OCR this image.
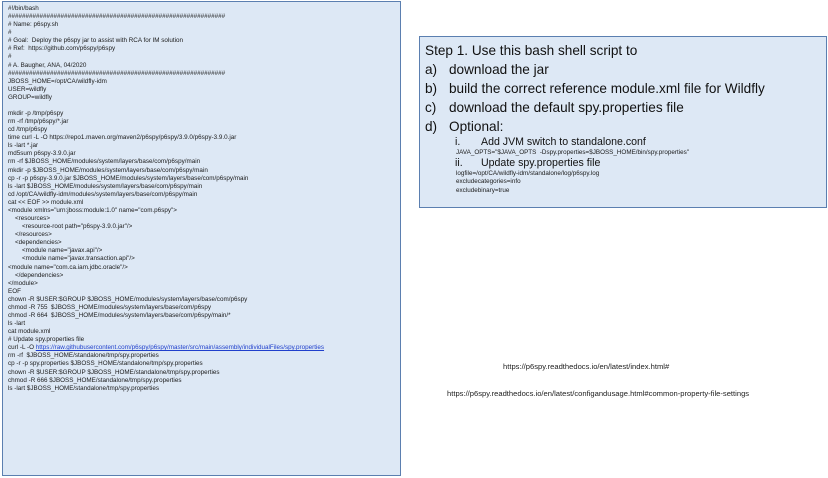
#!/bin/bash
##############################################################
# Name: p6spy.sh
#
# Goal:  Deploy the p6spy jar to assist with RCA for IM solution
# Ref:  https://github.com/p6spy/p6spy
#
# A. Baugher, ANA, 04/2020
##############################################################
JBOSS_HOME=/opt/CA/wildfly-idm
USER=wildfly
GROUP=wildfly
mkdir -p /tmp/p6spy
rm -rf /tmp/p6spy/*.jar
cd /tmp/p6spy
time curl -L -O https://repo1.maven.org/maven2/p6spy/p6spy/3.9.0/p6spy-3.9.0.jar
ls -lart *.jar
md5sum p6spy-3.9.0.jar
rm -rf $JBOSS_HOME/modules/system/layers/base/com/p6spy/main
mkdir -p $JBOSS_HOME/modules/system/layers/base/com/p6spy/main
cp -r -p p6spy-3.9.0.jar $JBOSS_HOME/modules/system/layers/base/com/p6spy/main
ls -lart $JBOSS_HOME/modules/system/layers/base/com/p6spy/main
cd /opt/CA/wildfly-idm/modules/system/layers/base/com/p6spy/main
cat << EOF >> module.xml
<module xmlns="urn:jboss:module:1.0" name="com.p6spy">
<resources>
<resource-root path="p6spy-3.9.0.jar"/>
</resources>
<dependencies>
<module name="javax.api"/>
<module name="javax.transaction.api"/>
<module name="com.ca.iam.jdbc.oracle"/>
</dependencies>
</module>
EOF
chown -R $USER:$GROUP $JBOSS_HOME/modules/system/layers/base/com/p6spy
chmod -R 755  $JBOSS_HOME/modules/system/layers/base/com/p6spy
chmod -R 664  $JBOSS_HOME/modules/system/layers/base/com/p6spy/main/*
ls -lart
cat module.xml
# Update spy.properties file
curl -L -O https://raw.githubusercontent.com/p6spy/p6spy/master/src/main/assembly/individualFiles/spy.properties
rm -rf  $JBOSS_HOME/standalone/tmp/spy.properties
cp -r -p spy.properties $JBOSS_HOME/standalone/tmp/spy.properties
chown -R $USER:$GROUP $JBOSS_HOME/standalone/tmp/spy.properties
chmod -R 666 $JBOSS_HOME/standalone/tmp/spy.properties
ls -lart $JBOSS_HOME/standalone/tmp/spy.properties
Step 1. Use this bash shell script to
a) download the jar
b) build the correct reference module.xml file for Wildfly
c) download the default spy.properties file
d) Optional:
i. Add JVM switch to standalone.conf
JAVA_OPTS="$JAVA_OPTS  -Dspy.properties=$JBOSS_HOME/bin/spy.properties"
ii. Update spy.properties file
logfile=/opt/CA/wildfly-idm/standalone/log/p6spy.log
excludecategories=info
excludebinary=true
https://p6spy.readthedocs.io/en/latest/index.html#
https://p6spy.readthedocs.io/en/latest/configandusage.html#common-property-file-settings
